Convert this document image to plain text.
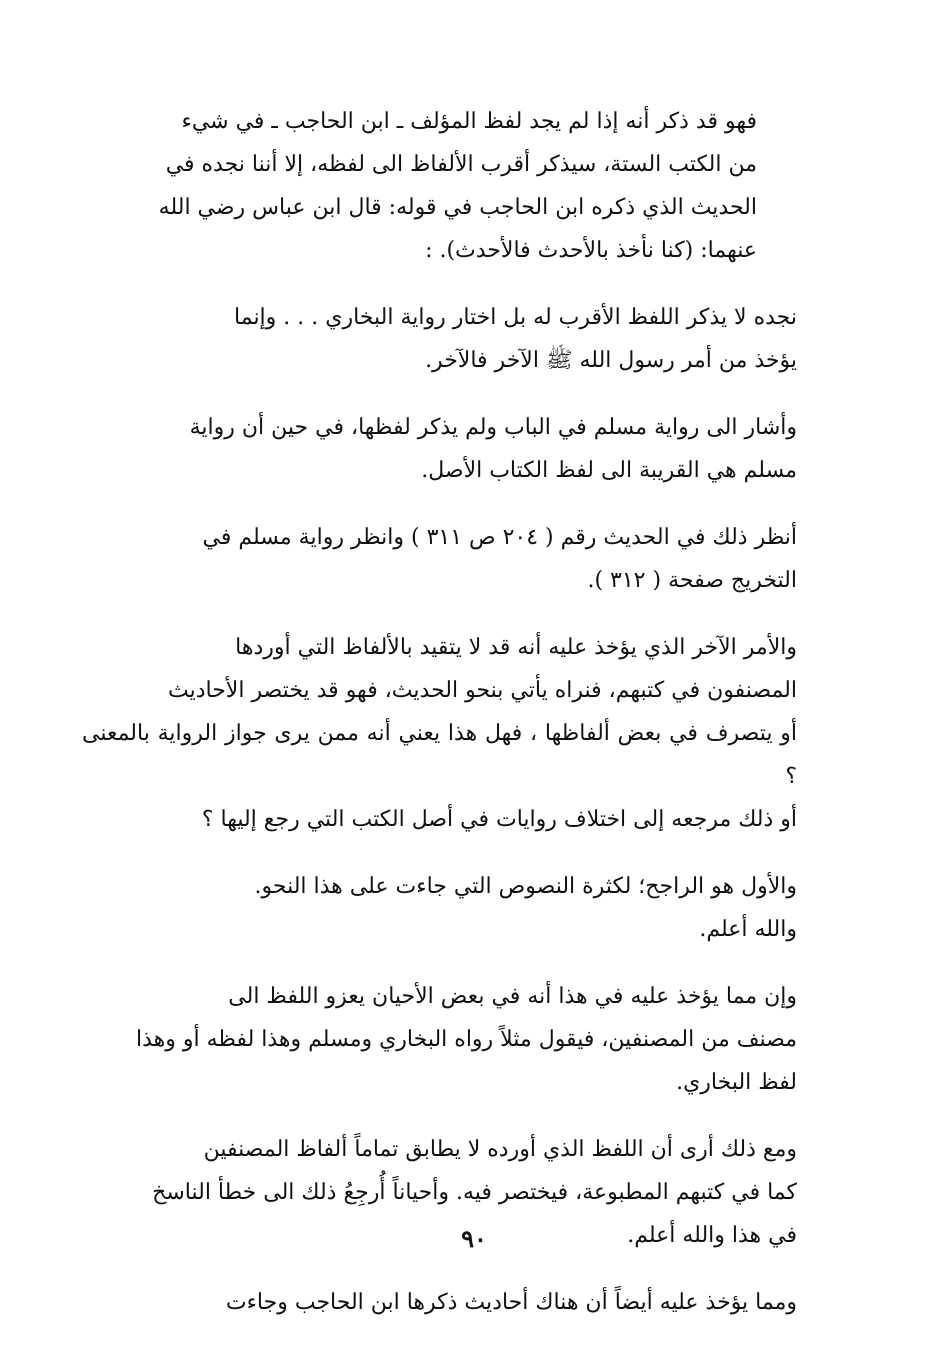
فهو قد ذكر أنه إذا لم يجد لفظ المؤلف ـ ابن الحاجب ـ في شيء
من الكتب الستة، سيذكر أقرب الألفاظ الى لفظه، إلا أننا نجده في
الحديث الذي ذكره ابن الحاجب في قوله: قال ابن عباس رضي الله
عنهما: (كنا نأخذ بالأحدث فالأحدث). :

نجده لا يذكر اللفظ الأقرب له بل اختار رواية البخاري . . . وإنما
يؤخذ من أمر رسول الله ﷺ الآخر فالآخر.

وأشار الى رواية مسلم في الباب ولم يذكر لفظها، في حين أن رواية
مسلم هي القريبة الى لفظ الكتاب الأصل.

أنظر ذلك في الحديث رقم ( ٢٠٤ ص ٣١١ ) وانظر رواية مسلم في
التخريج صفحة ( ٣١٢ ).

والأمر الآخر الذي يؤخذ عليه أنه قد لا يتقيد بالألفاظ التي أوردها
المصنفون في كتبهم، فنراه يأتي بنحو الحديث، فهو قد يختصر الأحاديث
أو يتصرف في بعض ألفاظها ، فهل هذا يعني أنه ممن يرى جواز الرواية بالمعنى ؟
أو ذلك مرجعه إلى اختلاف روايات في أصل الكتب التي رجع إليها ؟

والأول هو الراجح؛ لكثرة النصوص التي جاءت على هذا النحو.
والله أعلم.

وإن مما يؤخذ عليه في هذا أنه في بعض الأحيان يعزو اللفظ الى
مصنف من المصنفين، فيقول مثلاً رواه البخاري ومسلم وهذا لفظه أو وهذا
لفظ البخاري.

ومع ذلك أرى أن اللفظ الذي أورده لا يطابق تماماً ألفاظ المصنفين
كما في كتبهم المطبوعة، فيختصر فيه. وأحياناً أُرجِعُ ذلك الى خطأ الناسخ
في هذا والله أعلم.

ومما يؤخذ عليه أيضاً أن هناك أحاديث ذكرها ابن الحاجب وجاءت

٩٠
